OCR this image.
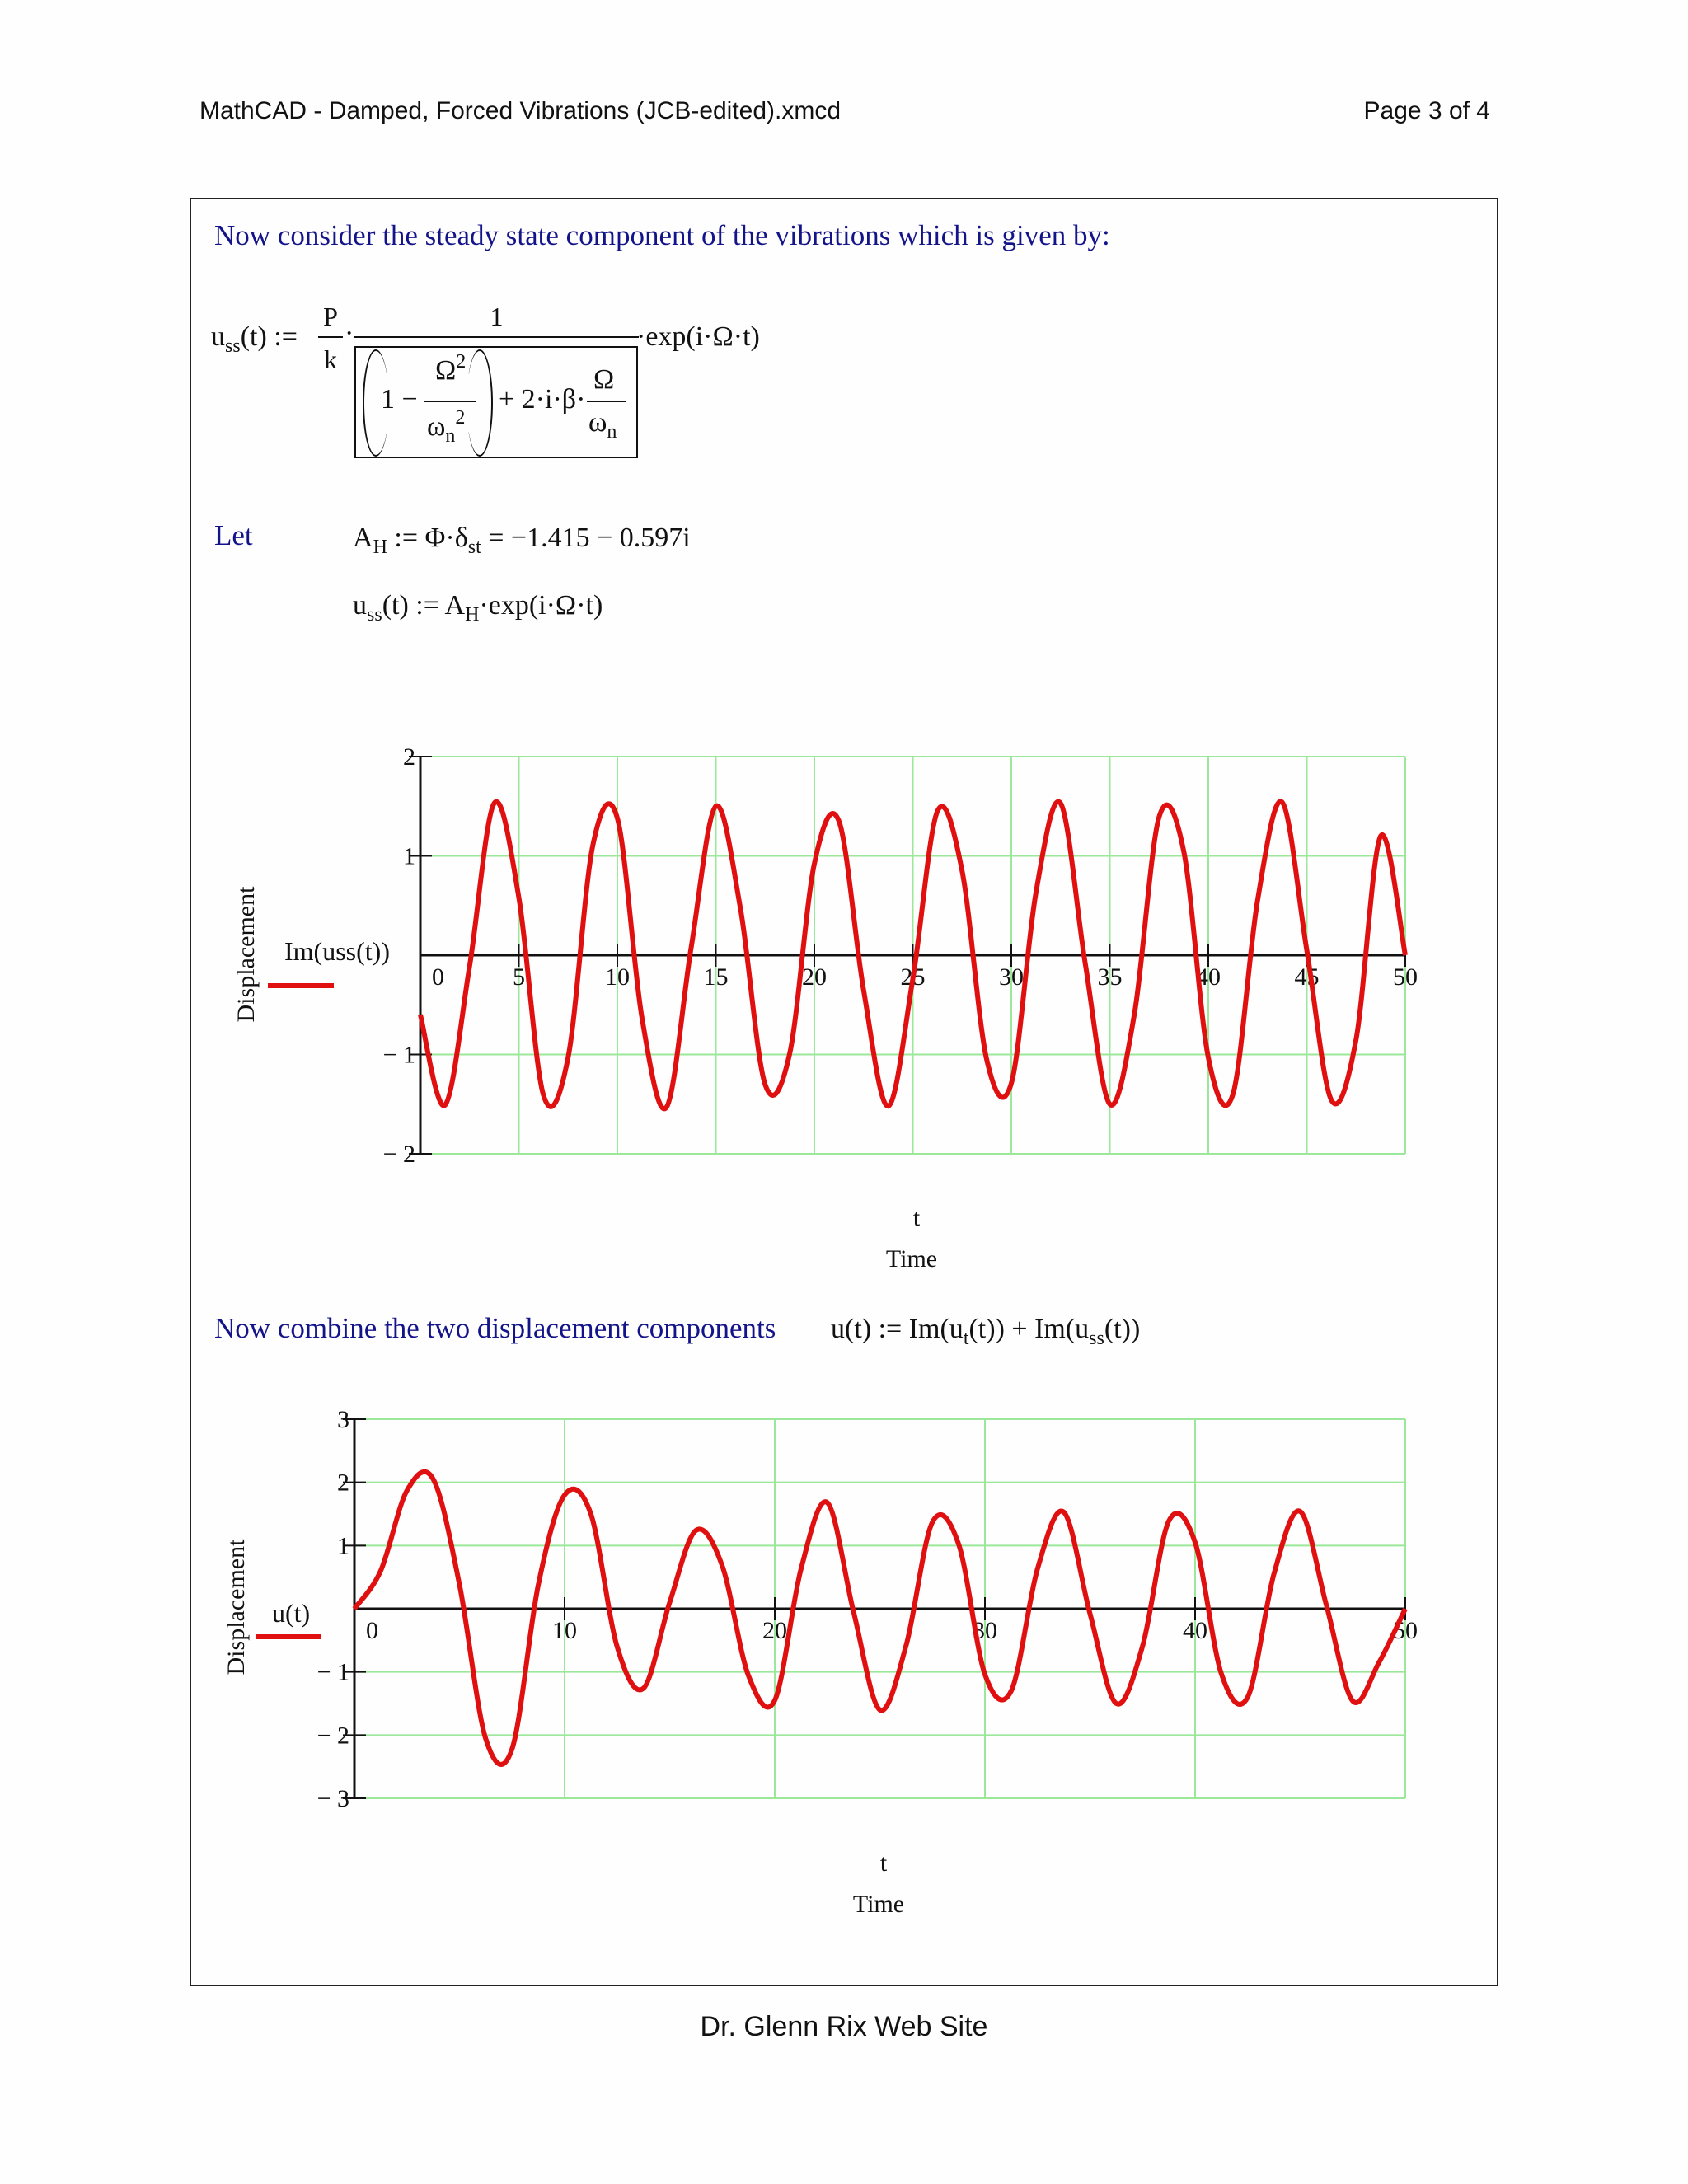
MathCAD - Damped, Forced Vibrations (JCB-edited).xmcd	Page 3 of 4
Now consider the steady state component of the vibrations which is given by:
$u_{ss}(t)$ :=
P
k
·
1
·exp(i·Ω·t)
1 −
$\Omega^2$
$\omega_n^2$
+ 2·i·β·
Ω
$\omega_n$
Let	$A_H$ := $\Phi\cdot\delta_{st} = -1.415 - 0.597i$
$u_{ss}(t)$ := $A_H\cdot\exp(i\cdot\Omega\cdot t)$
2
1
− 1
− 2
0	5	10	15	20	25	30	35	40	45	50
Displacement Im(uss(t))
t
Time
3
2
1
− 1
− 2
− 3
0	10	20	30	40	50
Displacement u(t)
t
Time
Now combine the two displacement components u(t) := $Im(u_t(t)) + Im(u_{ss}(t))$
Dr. Glenn Rix Web Site
